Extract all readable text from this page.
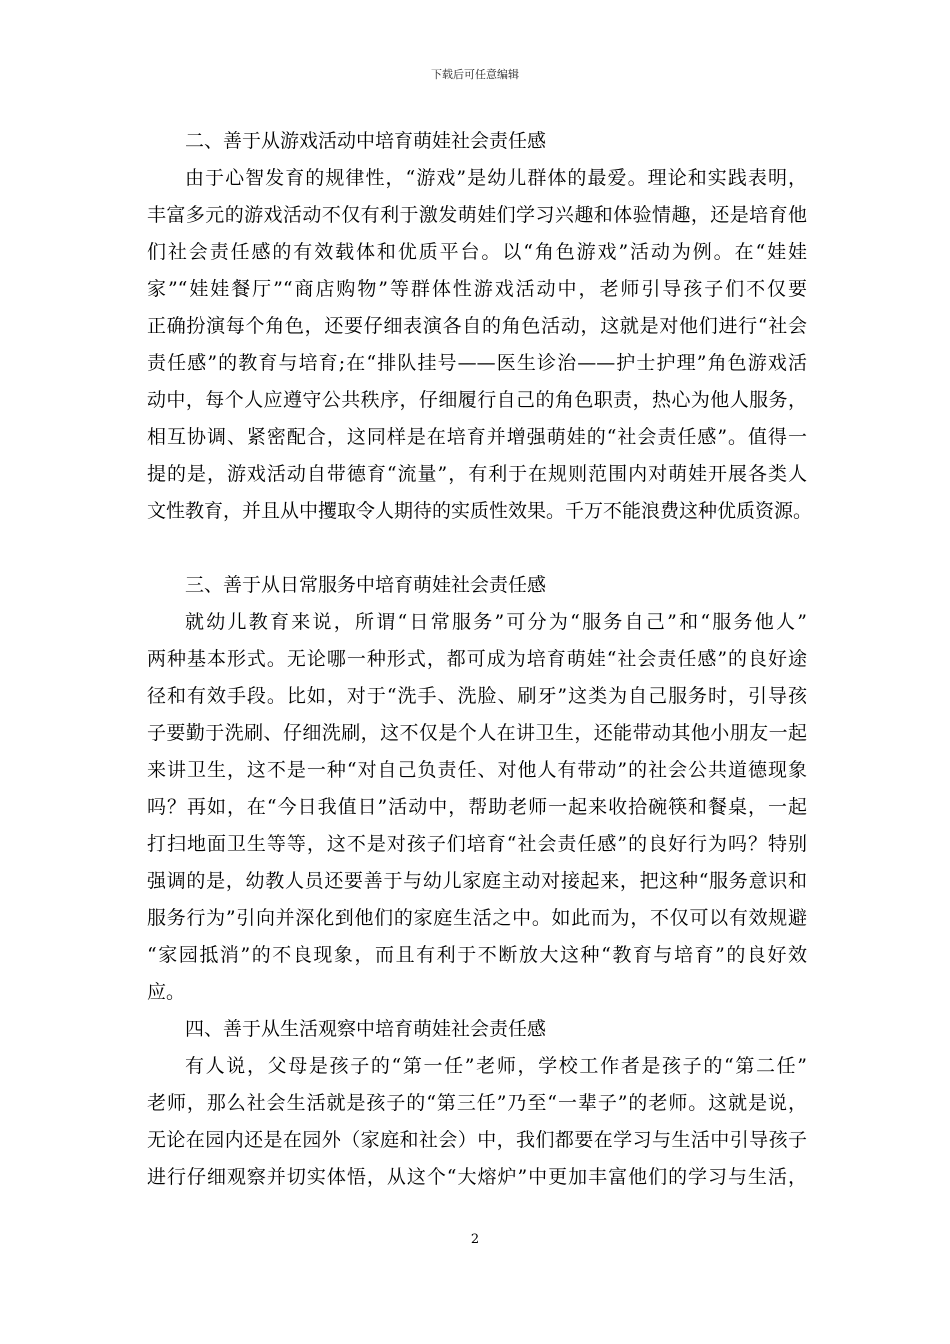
下载后可任意编辑
二、善于从游戏活动中培育萌娃社会责任感
由于心智发育的规律性，“游戏”是幼儿群体的最爱。理论和实践表明，
丰富多元的游戏活动不仅有利于激发萌娃们学习兴趣和体验情趣，还是培育他
们社会责任感的有效载体和优质平台。以“角色游戏”活动为例。在“娃娃
家”“娃娃餐厅”“商店购物”等群体性游戏活动中，老师引导孩子们不仅要
正确扮演每个角色，还要仔细表演各自的角色活动，这就是对他们进行“社会
责任感”的教育与培育;在“排队挂号——医生诊治——护士护理”角色游戏活
动中，每个人应遵守公共秩序，仔细履行自己的角色职责，热心为他人服务，
相互协调、紧密配合，这同样是在培育并增强萌娃的“社会责任感”。值得一
提的是，游戏活动自带德育“流量”，有利于在规则范围内对萌娃开展各类人
文性教育，并且从中攫取令人期待的实质性效果。千万不能浪费这种优质资源。
三、善于从日常服务中培育萌娃社会责任感
就幼儿教育来说，所谓“日常服务”可分为“服务自己”和“服务他人”
两种基本形式。无论哪一种形式，都可成为培育萌娃“社会责任感”的良好途
径和有效手段。比如，对于“洗手、洗脸、刷牙”这类为自己服务时，引导孩
子要勤于洗刷、仔细洗刷，这不仅是个人在讲卫生，还能带动其他小朋友一起
来讲卫生，这不是一种“对自己负责任、对他人有带动”的社会公共道德现象
吗？再如，在“今日我值日”活动中，帮助老师一起来收拾碗筷和餐桌，一起
打扫地面卫生等等，这不是对孩子们培育“社会责任感”的良好行为吗？特别
强调的是，幼教人员还要善于与幼儿家庭主动对接起来，把这种“服务意识和
服务行为”引向并深化到他们的家庭生活之中。如此而为，不仅可以有效规避
“家园抵消”的不良现象，而且有利于不断放大这种“教育与培育”的良好效
应。
四、善于从生活观察中培育萌娃社会责任感
有人说，父母是孩子的“第一任”老师，学校工作者是孩子的“第二任”
老师，那么社会生活就是孩子的“第三任”乃至“一辈子”的老师。这就是说，
无论在园内还是在园外（家庭和社会）中，我们都要在学习与生活中引导孩子
进行仔细观察并切实体悟，从这个“大熔炉”中更加丰富他们的学习与生活，
2
